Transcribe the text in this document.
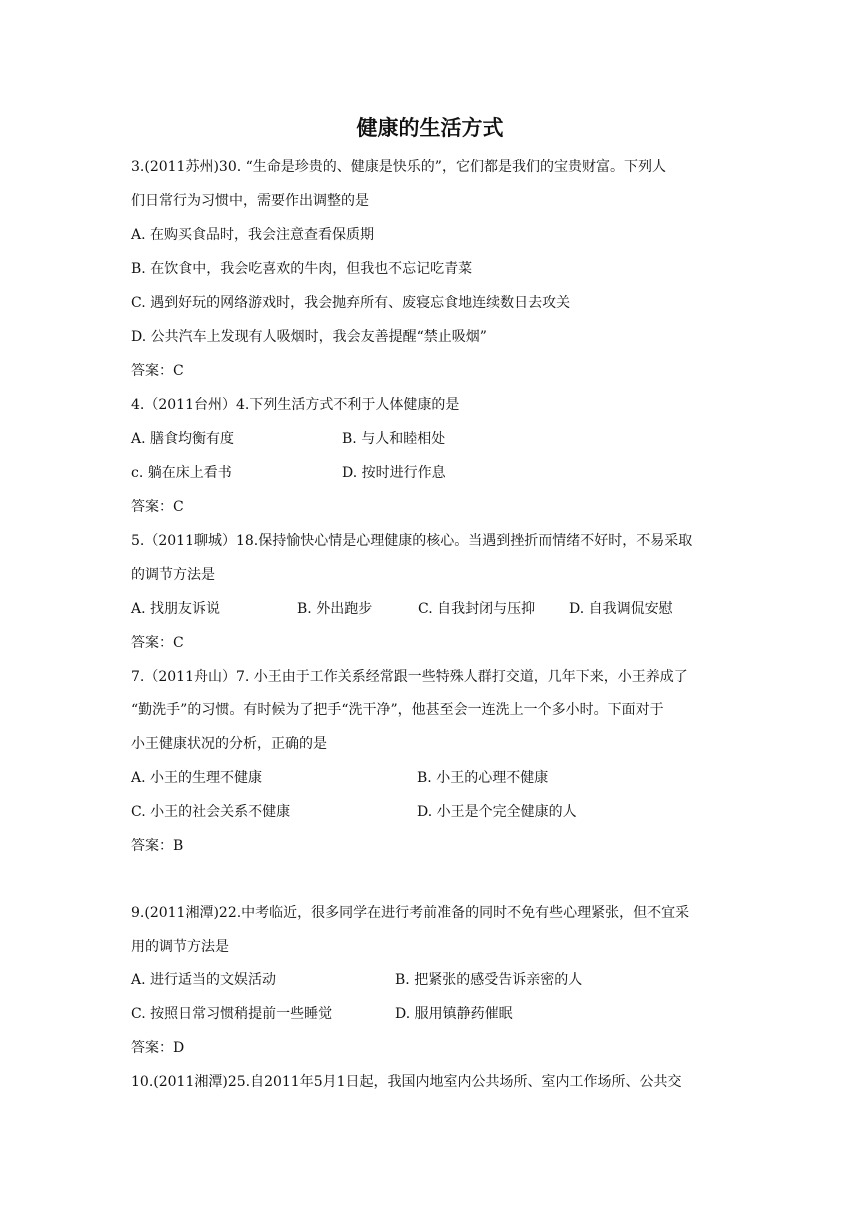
健康的生活方式
3.(2011苏州)30. “生命是珍贵的、健康是快乐的”，它们都是我们的宝贵财富。下列人
们日常行为习惯中，需要作出调整的是
A. 在购买食品时，我会注意查看保质期
B. 在饮食中，我会吃喜欢的牛肉，但我也不忘记吃青菜
C. 遇到好玩的网络游戏时，我会抛弃所有、废寝忘食地连续数日去攻关
D. 公共汽车上发现有人吸烟时，我会友善提醒“禁止吸烟”
答案：C
4.（2011台州）4.下列生活方式不利于人体健康的是
A. 膳食均衡有度	B. 与人和睦相处
c. 躺在床上看书	D. 按时进行作息
答案：C
5.（2011聊城）18.保持愉快心情是心理健康的核心。当遇到挫折而情绪不好时，不易采取
的调节方法是
A. 找朋友诉说	B. 外出跑步	C. 自我封闭与压抑 D. 自我调侃安慰
答案：C
7.（2011舟山）7. 小王由于工作关系经常跟一些特殊人群打交道，几年下来，小王养成了
“勤洗手”的习惯。有时候为了把手“洗干净”，他甚至会一连洗上一个多小时。下面对于
小王健康状况的分析，正确的是
A. 小王的生理不健康	B. 小王的心理不健康
C. 小王的社会关系不健康	D. 小王是个完全健康的人
答案：B
9.(2011湘潭)22.中考临近，很多同学在进行考前准备的同时不免有些心理紧张，但不宜采
用的调节方法是
A. 进行适当的文娱活动	B. 把紧张的感受告诉亲密的人
C. 按照日常习惯稍提前一些睡觉	D. 服用镇静药催眠
答案：D
10.(2011湘潭)25.自2011年5月1日起，我国内地室内公共场所、室内工作场所、公共交
